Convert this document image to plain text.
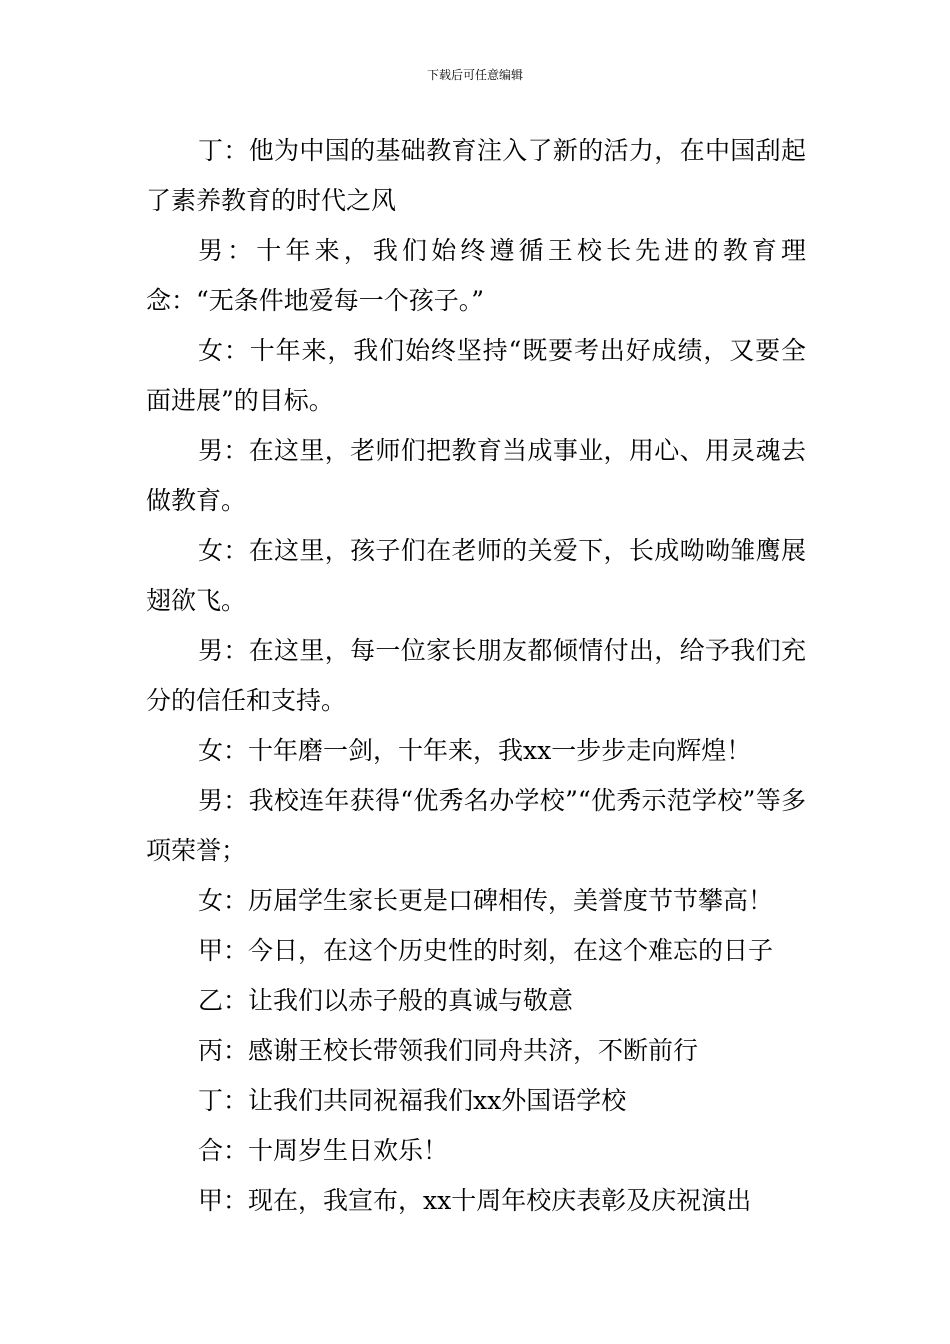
下载后可任意编辑

丁：他为中国的基础教育注入了新的活力，在中国刮起了素养教育的时代之风

男：十年来，我们始终遵循王校长先进的教育理念：“无条件地爱每一个孩子。”

女：十年来，我们始终坚持“既要考出好成绩，又要全面进展”的目标。

男：在这里，老师们把教育当成事业，用心、用灵魂去做教育。

女：在这里，孩子们在老师的关爱下，长成呦呦雏鹰展翅欲飞。

男：在这里，每一位家长朋友都倾情付出，给予我们充分的信任和支持。

女：十年磨一剑，十年来，我xx一步步走向辉煌！

男：我校连年获得“优秀名办学校”“优秀示范学校”等多项荣誉；

女：历届学生家长更是口碑相传，美誉度节节攀高！

甲：今日，在这个历史性的时刻，在这个难忘的日子

乙：让我们以赤子般的真诚与敬意

丙：感谢王校长带领我们同舟共济，不断前行

丁：让我们共同祝福我们xx外国语学校

合：十周岁生日欢乐！

甲：现在，我宣布，xx十周年校庆表彰及庆祝演出
